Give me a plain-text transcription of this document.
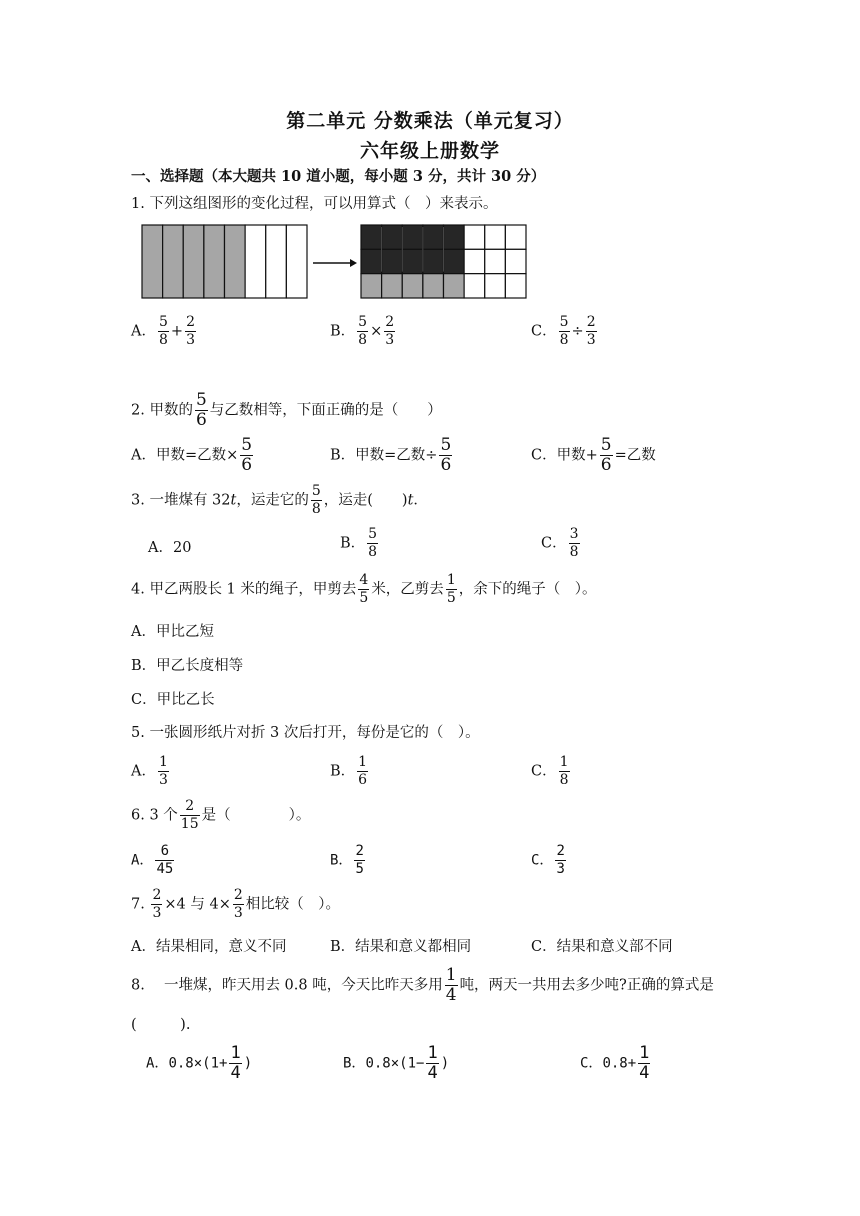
第二单元 分数乘法（单元复习）
六年级上册数学
一、选择题（本大题共 10 道小题，每小题 3 分，共计 30 分）
1. 下列这组图形的变化过程，可以用算式（　）来表示。
A． $\frac{5}{8} + \frac{2}{3}$	B． $\frac{5}{8} \times \frac{2}{3}$	C． $\frac{5}{8} \div \frac{2}{3}$
2. 甲数的 $\frac{5}{6}$ 与乙数相等，下面正确的是（　　）
A．甲数=乙数× $\frac{5}{6}$	B．甲数=乙数÷ $\frac{5}{6}$	C．甲数+ $\frac{5}{6}$ =乙数
3. 一堆煤有 32t，运走它的 $\frac{5}{8}$ ，运走(　　)t．
A．20	B． $\frac{5}{8}$	C． $\frac{3}{8}$
4. 甲乙两股长 1 米的绳子，甲剪去 $\frac{4}{5}$ 米，乙剪去 $\frac{1}{5}$ ，余下的绳子（　）。
A．甲比乙短
B．甲乙长度相等
C．甲比乙长
5. 一张圆形纸片对折 3 次后打开，每份是它的（　）。
A． $\frac{1}{3}$	B． $\frac{1}{6}$	C． $\frac{1}{8}$
6. 3 个 $\frac{2}{15}$ 是（　　　　）。
A． $\frac{6}{45}$	B． $\frac{2}{5}$	C． $\frac{2}{3}$
7. $\frac{2}{3} \times 4$ 与 $4\times \frac{2}{3}$ 相比较（　）。
A．结果相同，意义不同	B．结果和意义都相同	C．结果和意义部不同
8.　 一堆煤，昨天用去 0.8 吨，今天比昨天多用 $\frac{1}{4}$ 吨，两天一共用去多少吨?正确的算式是
(　　　).
A．$0.8\times(1+ \frac{1}{4}$ )	B．$0.8\times(1- \frac{1}{4}$ )	C．$0.8+ \frac{1}{4}$
